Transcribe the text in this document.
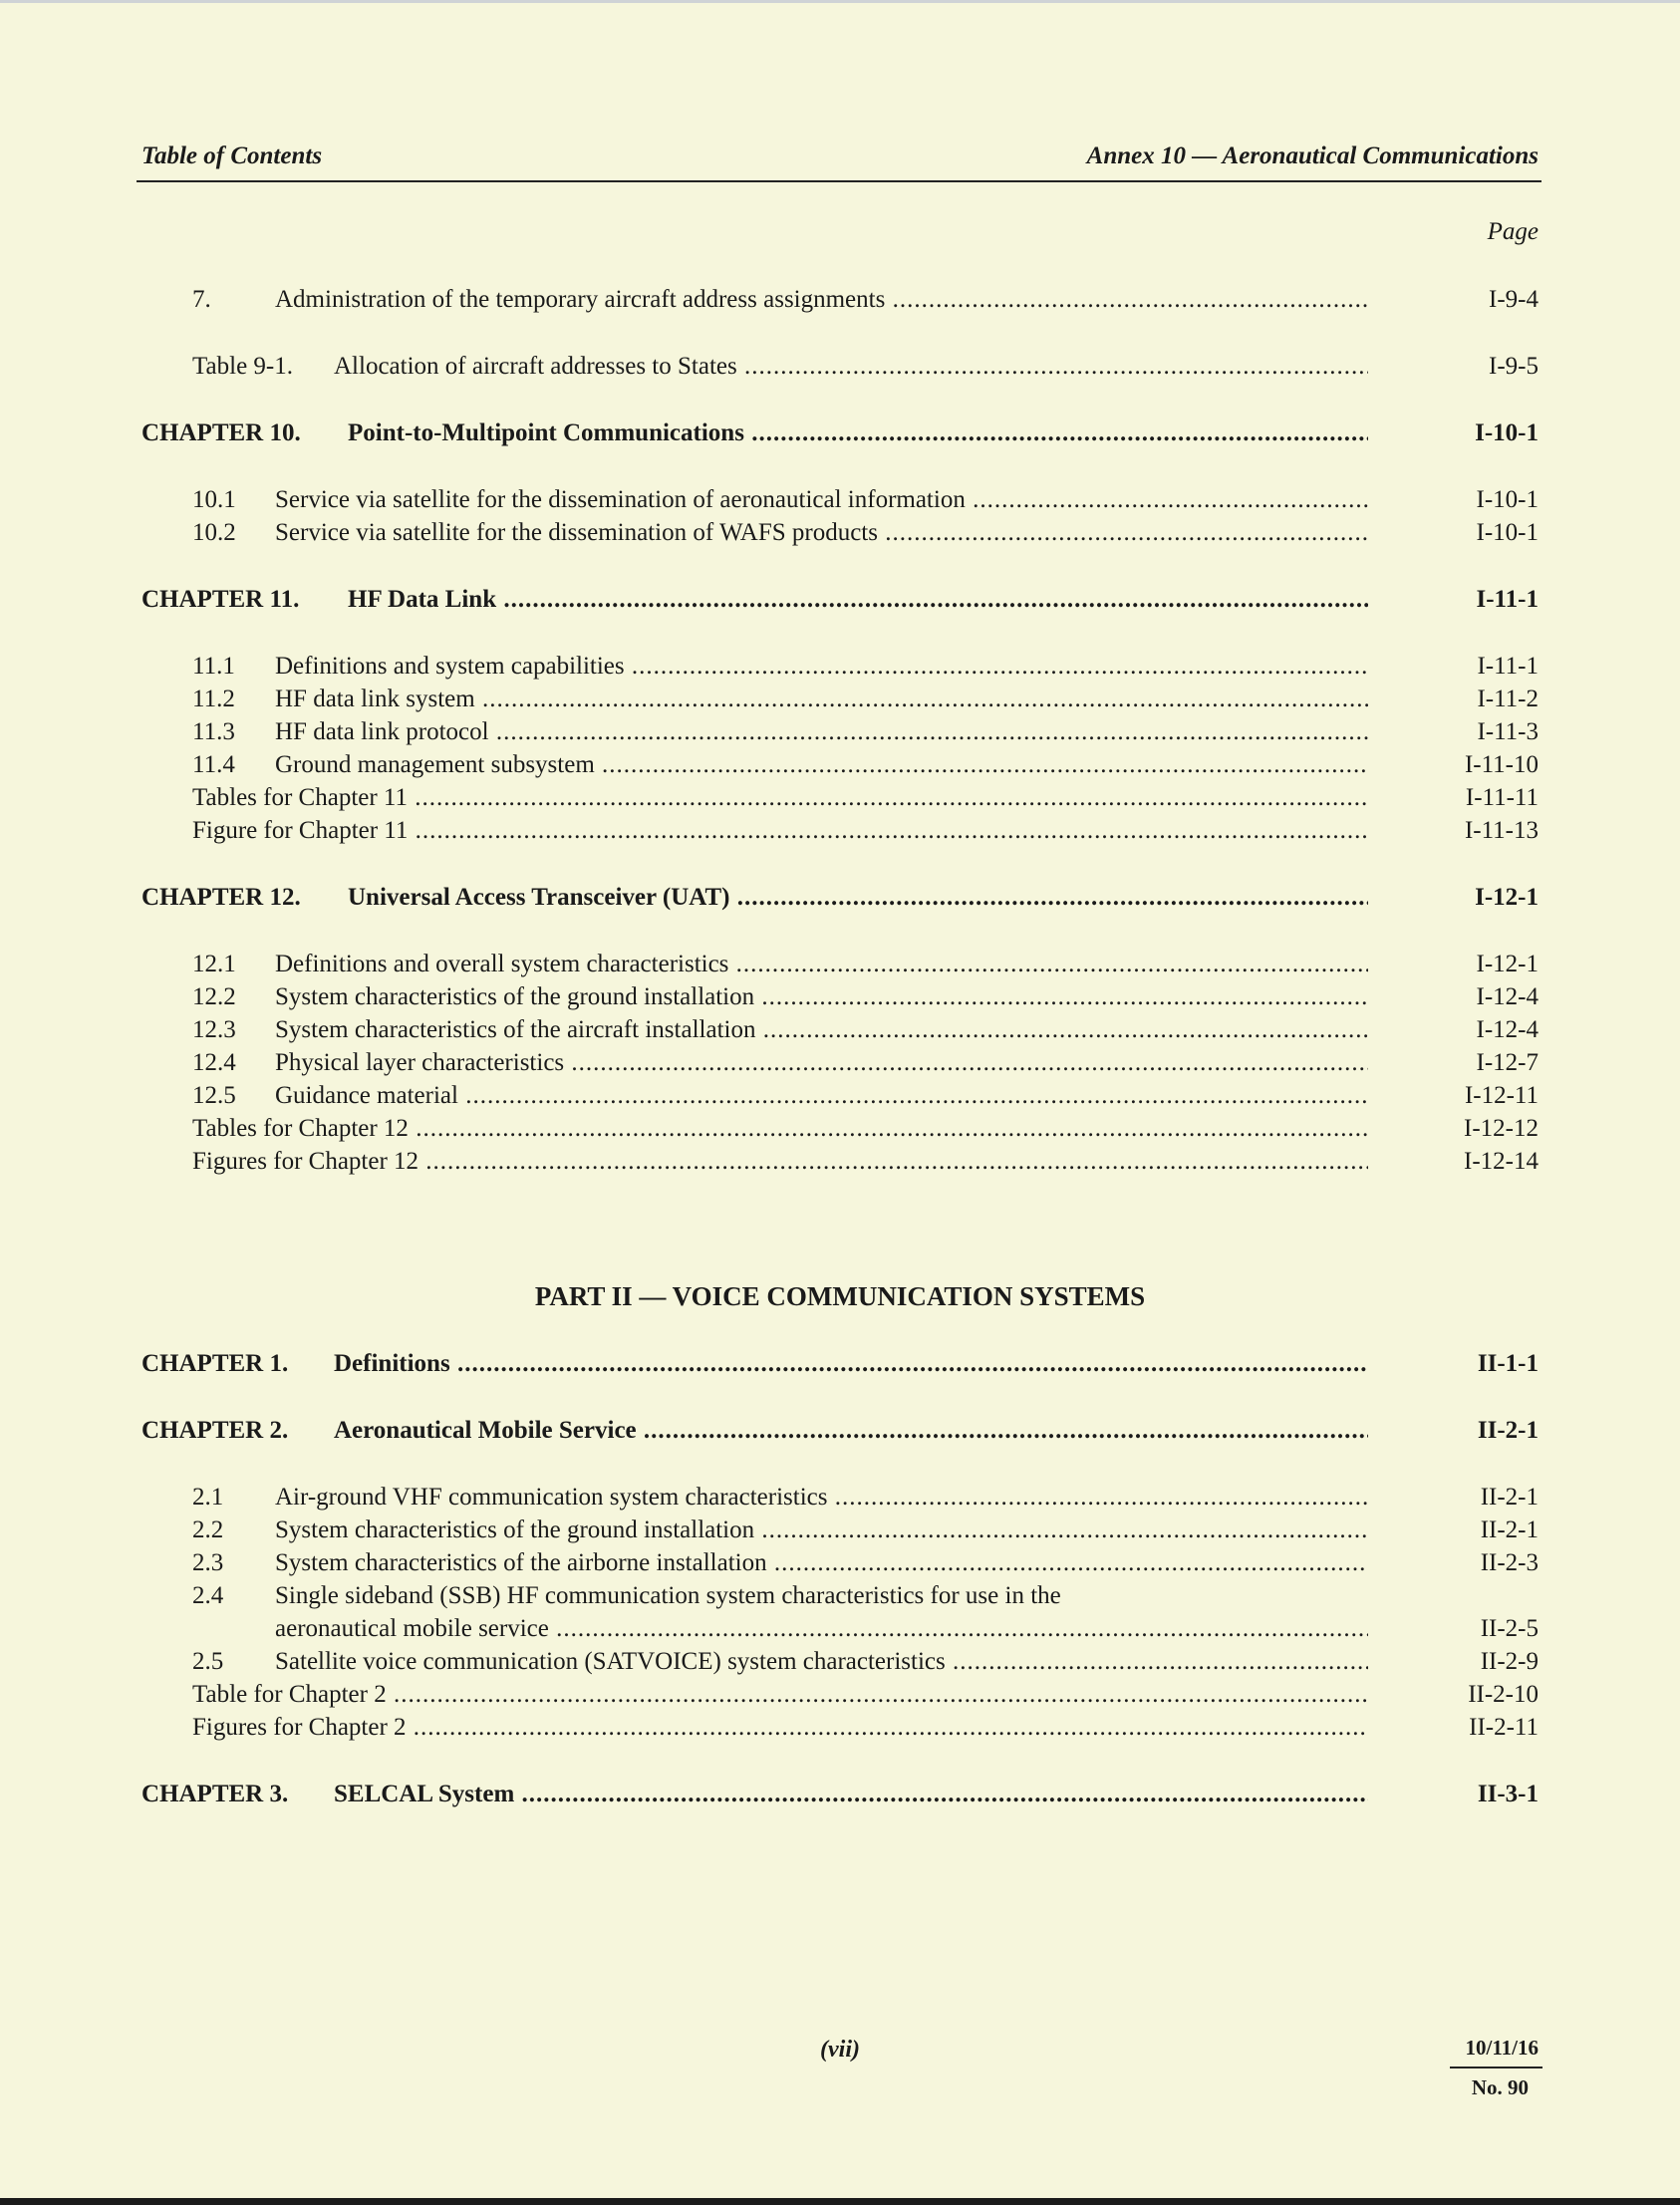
Table of Contents	Annex 10 — Aeronautical Communications
Page
7.	Administration of the temporary aircraft address assignments .....	I-9-4
Table 9-1. Allocation of aircraft addresses to States .....	I-9-5
CHAPTER 10. Point-to-Multipoint Communications .....	I-10-1
10.1 Service via satellite for the dissemination of aeronautical information .....	I-10-1
10.2 Service via satellite for the dissemination of WAFS products .....	I-10-1
CHAPTER 11. HF Data Link .....	I-11-1
11.1 Definitions and system capabilities .....	I-11-1
11.2 HF data link system .....	I-11-2
11.3 HF data link protocol .....	I-11-3
11.4 Ground management subsystem .....	I-11-10
Tables for Chapter 11 .....	I-11-11
Figure for Chapter 11 .....	I-11-13
CHAPTER 12. Universal Access Transceiver (UAT) .....	I-12-1
12.1 Definitions and overall system characteristics .....	I-12-1
12.2 System characteristics of the ground installation .....	I-12-4
12.3 System characteristics of the aircraft installation .....	I-12-4
12.4 Physical layer characteristics .....	I-12-7
12.5 Guidance material .....	I-12-11
Tables for Chapter 12 .....	I-12-12
Figures for Chapter 12 .....	I-12-14
PART II — VOICE COMMUNICATION SYSTEMS
CHAPTER 1. Definitions .....	II-1-1
CHAPTER 2. Aeronautical Mobile Service .....	II-2-1
2.1 Air-ground VHF communication system characteristics .....	II-2-1
2.2 System characteristics of the ground installation .....	II-2-1
2.3 System characteristics of the airborne installation .....	II-2-3
2.4 Single sideband (SSB) HF communication system characteristics for use in the
aeronautical mobile service .....	II-2-5
2.5 Satellite voice communication (SATVOICE) system characteristics .....	II-2-9
Table for Chapter 2 .....	II-2-10
Figures for Chapter 2 .....	II-2-11
CHAPTER 3. SELCAL System .....	II-3-1
(vii)	10/11/16
No. 90
